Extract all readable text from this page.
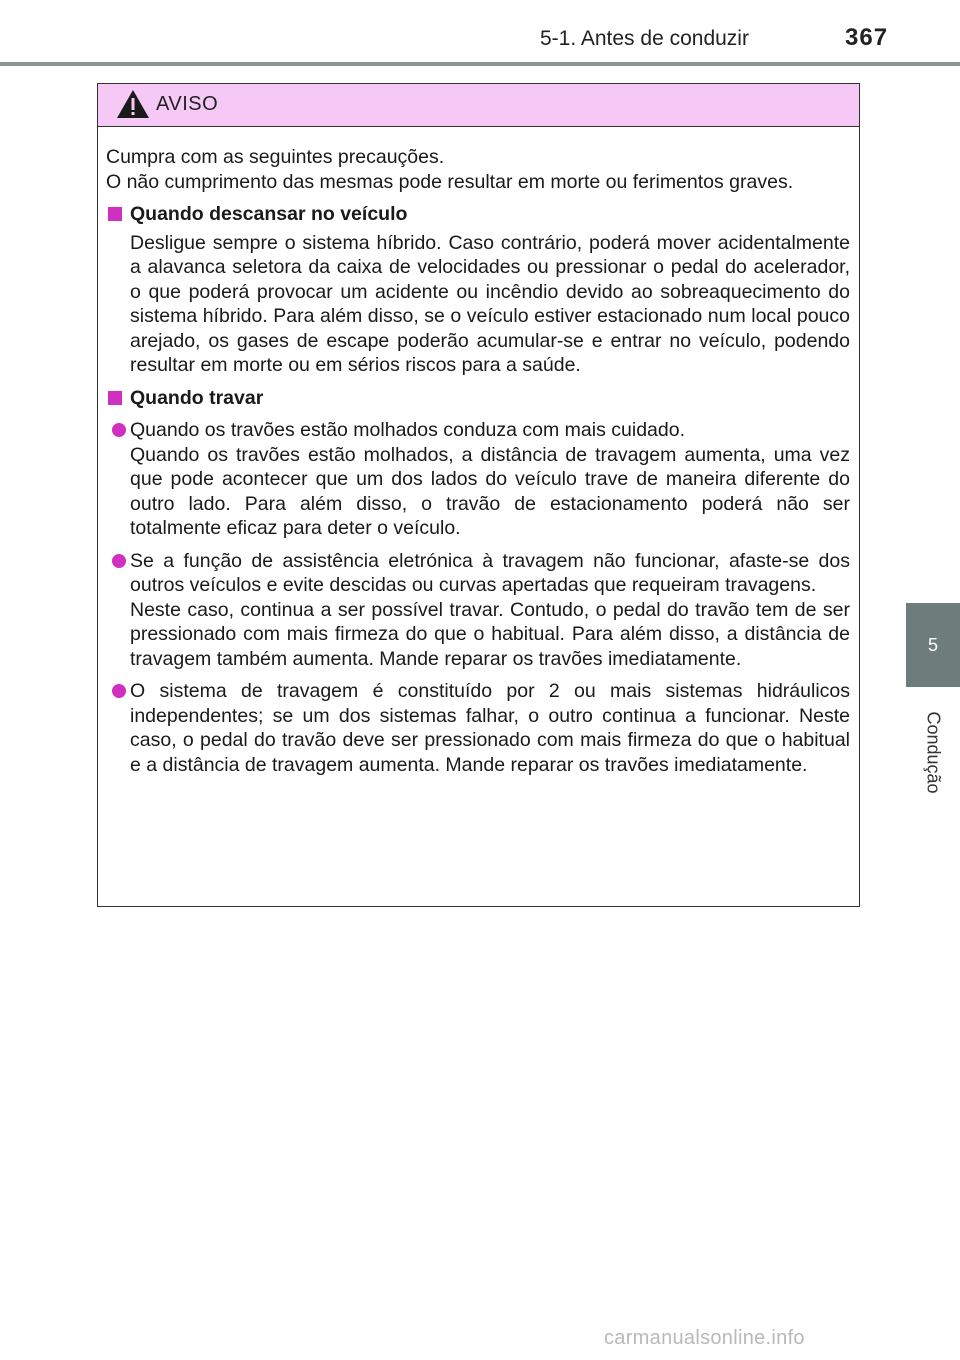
5-1. Antes de conduzir	367
5
Condução
AVISO

Cumpra com as seguintes precauções.

O não cumprimento das mesmas pode resultar em morte ou ferimentos graves.

Quando descansar no veículo

Desligue sempre o sistema híbrido. Caso contrário, poderá mover acidentalmente a alavanca seletora da caixa de velocidades ou pressionar o pedal do acelerador, o que poderá provocar um acidente ou incêndio devido ao sobreaquecimento do sistema híbrido. Para além disso, se o veículo estiver estacionado num local pouco arejado, os gases de escape poderão acumular-se e entrar no veículo, podendo resultar em morte ou em sérios riscos para a saúde.

Quando travar

Quando os travões estão molhados conduza com mais cuidado.

Quando os travões estão molhados, a distância de travagem aumenta, uma vez que pode acontecer que um dos lados do veículo trave de maneira diferente do outro lado. Para além disso, o travão de estacionamento poderá não ser totalmente eficaz para deter o veículo.

Se a função de assistência eletrónica à travagem não funcionar, afaste-se dos outros veículos e evite descidas ou curvas apertadas que requeiram travagens.

Neste caso, continua a ser possível travar. Contudo, o pedal do travão tem de ser pressionado com mais firmeza do que o habitual. Para além disso, a distância de travagem também aumenta. Mande reparar os travões imediatamente.

O sistema de travagem é constituído por 2 ou mais sistemas hidráulicos independentes; se um dos sistemas falhar, o outro continua a funcionar. Neste caso, o pedal do travão deve ser pressionado com mais firmeza do que o habitual e a distância de travagem aumenta. Mande reparar os travões imediatamente.

carmanualsonline.info
